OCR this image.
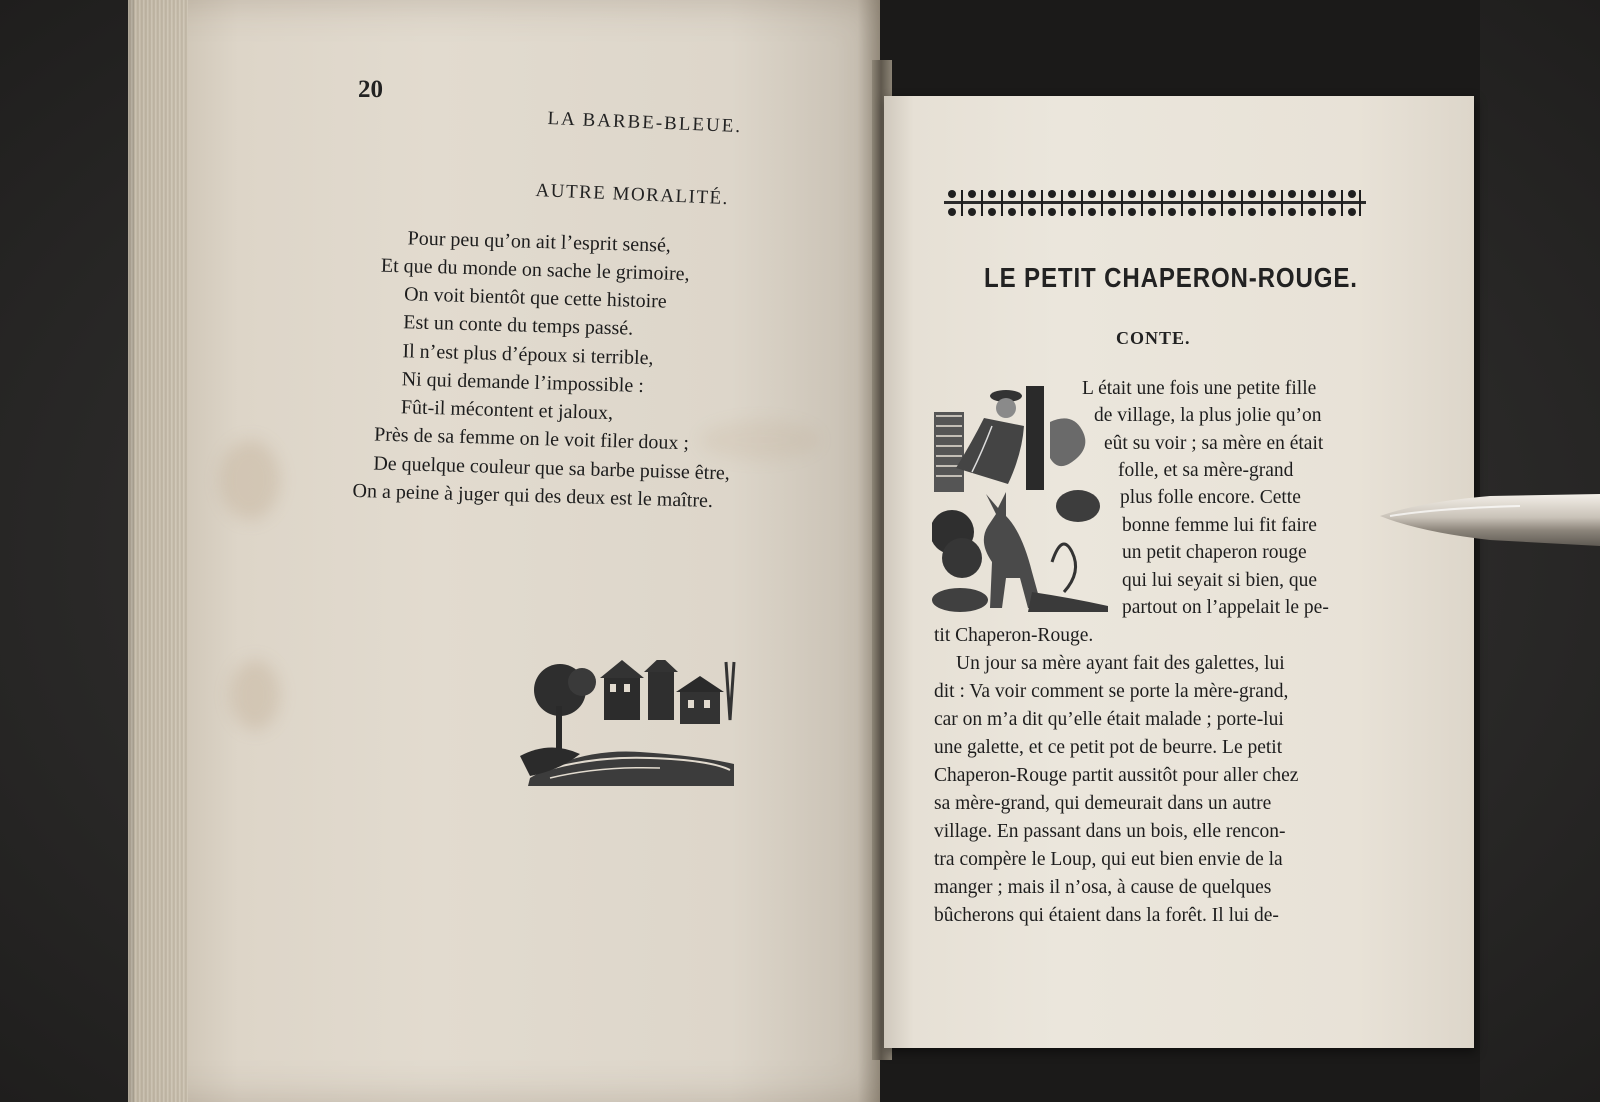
20
LA BARBE-BLEUE.
AUTRE MORALITÉ.
Pour peu qu’on ait l’esprit sensé,
Et que du monde on sache le grimoire,
On voit bientôt que cette histoire
Est un conte du temps passé.
Il n’est plus d’époux si terrible,
Ni qui demande l’impossible :
Fût-il mécontent et jaloux,
Près de sa femme on le voit filer doux ;
De quelque couleur que sa barbe puisse être,
On a peine à juger qui des deux est le maître.
LE PETIT CHAPERON-ROUGE.
CONTE.
L était une fois une petite fille
de village, la plus jolie qu’on
eût su voir ; sa mère en était
folle, et sa mère-grand
plus folle encore. Cette
bonne femme lui fit faire
un petit chaperon rouge
qui lui seyait si bien, que
partout on l’appelait le pe-
tit Chaperon-Rouge.
Un jour sa mère ayant fait des galettes, lui
dit : Va voir comment se porte la mère-grand,
car on m’a dit qu’elle était malade ; porte-lui
une galette, et ce petit pot de beurre. Le petit
Chaperon-Rouge partit aussitôt pour aller chez
sa mère-grand, qui demeurait dans un autre
village. En passant dans un bois, elle rencon-
tra compère le Loup, qui eut bien envie de la
manger ; mais il n’osa, à cause de quelques
bûcherons qui étaient dans la forêt. Il lui de-
